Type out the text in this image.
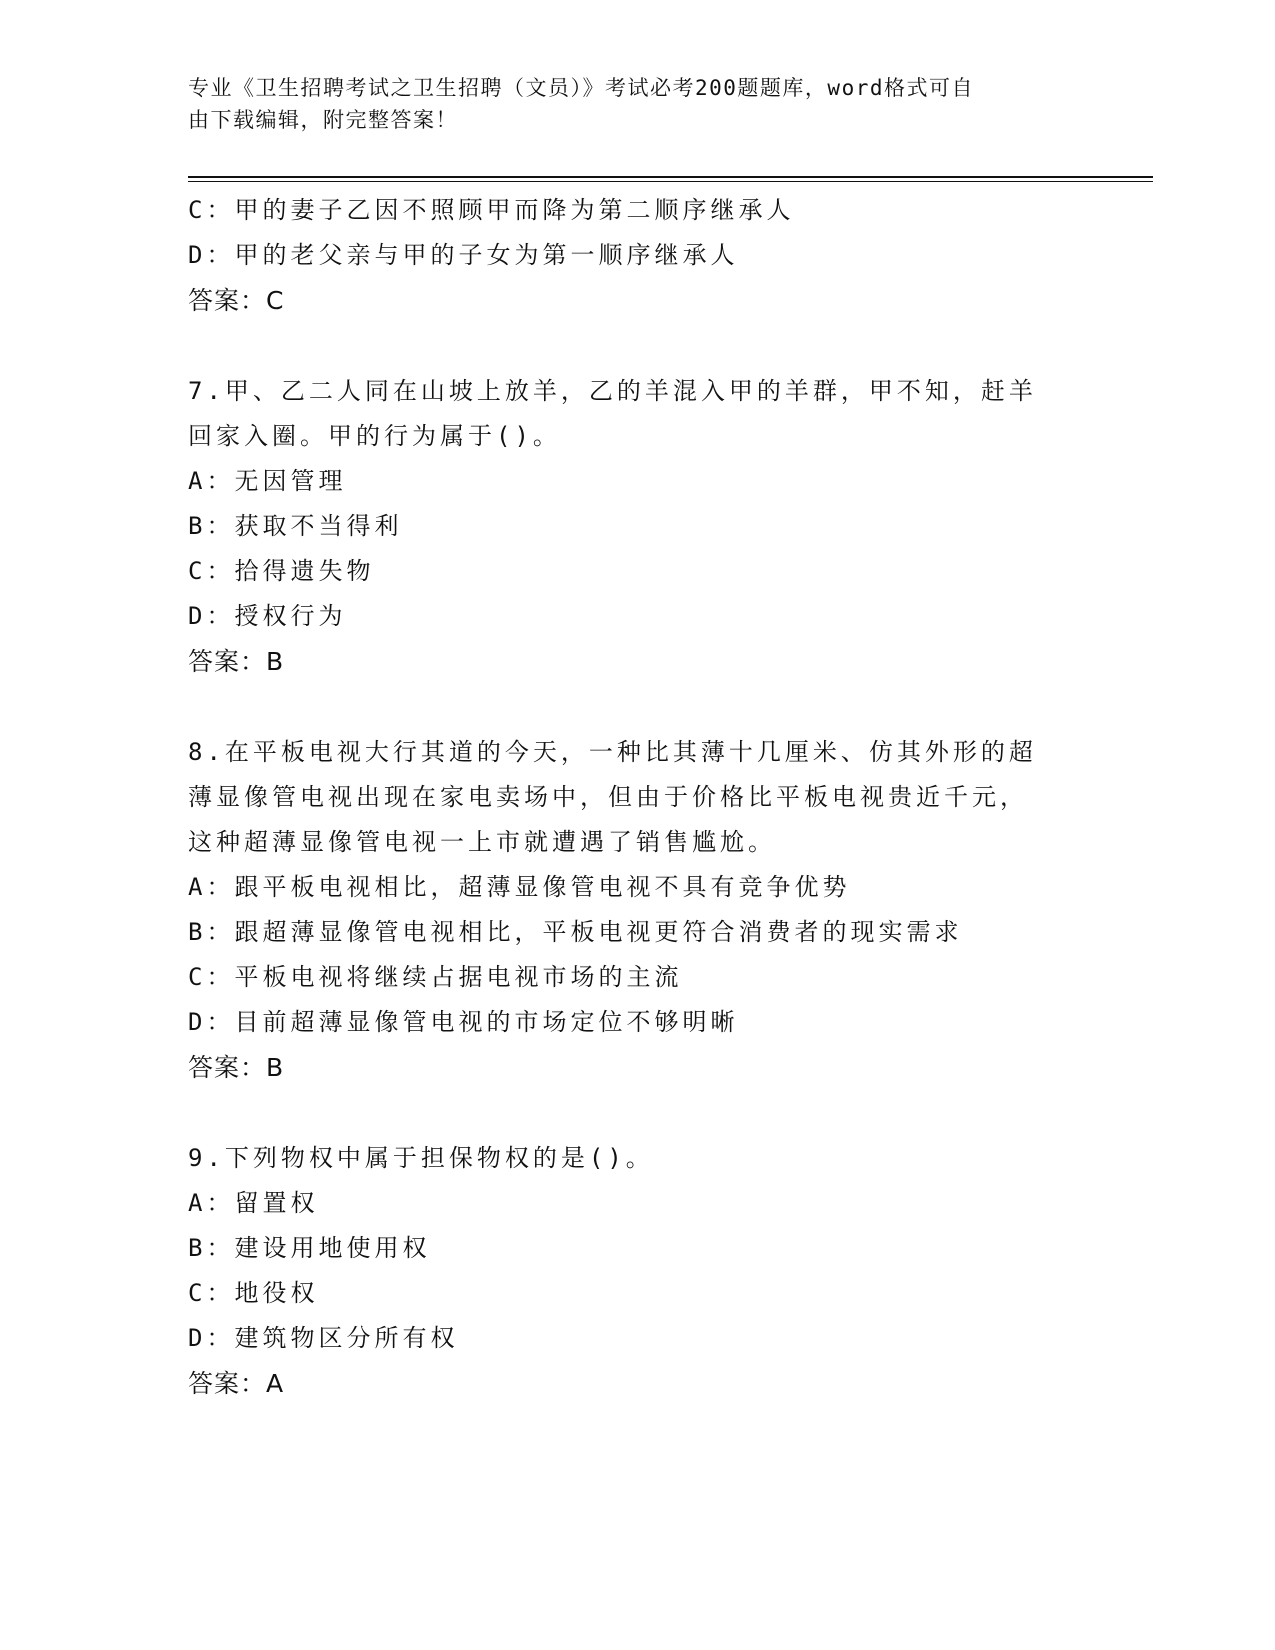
专业《卫生招聘考试之卫生招聘（文员）》考试必考200题题库，word格式可自
由下载编辑，附完整答案！
C：甲的妻子乙因不照顾甲而降为第二顺序继承人
D：甲的老父亲与甲的子女为第一顺序继承人
答案：C
7.甲、乙二人同在山坡上放羊，乙的羊混入甲的羊群，甲不知，赶羊
回家入圈。甲的行为属于()。
A：无因管理
B：获取不当得利
C：拾得遗失物
D：授权行为
答案：B
8.在平板电视大行其道的今天，一种比其薄十几厘米、仿其外形的超
薄显像管电视出现在家电卖场中，但由于价格比平板电视贵近千元，
这种超薄显像管电视一上市就遭遇了销售尴尬。
A：跟平板电视相比，超薄显像管电视不具有竞争优势
B：跟超薄显像管电视相比，平板电视更符合消费者的现实需求
C：平板电视将继续占据电视市场的主流
D：目前超薄显像管电视的市场定位不够明晰
答案：B
9.下列物权中属于担保物权的是()。
A：留置权
B：建设用地使用权
C：地役权
D：建筑物区分所有权
答案：A
